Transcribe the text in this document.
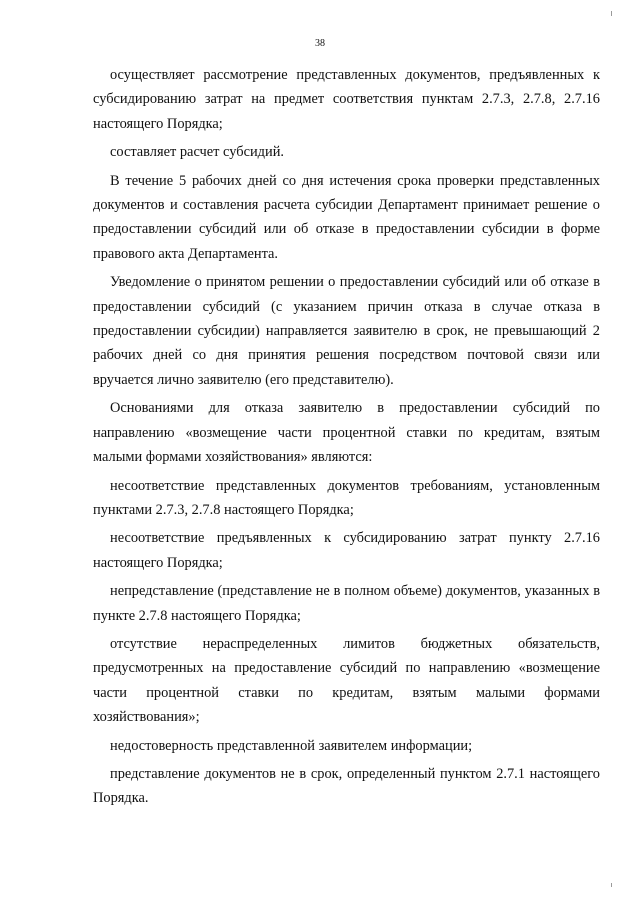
38

осуществляет рассмотрение представленных документов, предъявленных к субсидированию затрат на предмет соответствия пунктам 2.7.3, 2.7.8, 2.7.16 настоящего Порядка;

составляет расчет субсидий.

В течение 5 рабочих дней со дня истечения срока проверки представленных документов и составления расчета субсидии Департамент принимает решение о предоставлении субсидий или об отказе в предоставлении субсидии в форме правового акта Департамента.

Уведомление о принятом решении о предоставлении субсидий или об отказе в предоставлении субсидий (с указанием причин отказа в случае отказа в предоставлении субсидии) направляется заявителю в срок, не превышающий 2 рабочих дней со дня принятия решения посредством почтовой связи или вручается лично заявителю (его представителю).

Основаниями для отказа заявителю в предоставлении субсидий по направлению «возмещение части процентной ставки по кредитам, взятым малыми формами хозяйствования» являются:

несоответствие представленных документов требованиям, установленным пунктами 2.7.3, 2.7.8 настоящего Порядка;

несоответствие предъявленных к субсидированию затрат пункту 2.7.16 настоящего Порядка;

непредставление (представление не в полном объеме) документов, указанных в пункте 2.7.8 настоящего Порядка;

отсутствие нераспределенных лимитов бюджетных обязательств, предусмотренных на предоставление субсидий по направлению «возмещение части процентной ставки по кредитам, взятым малыми формами хозяйствования»;

недостоверность представленной заявителем информации;

представление документов не в срок, определенный пунктом 2.7.1 настоящего Порядка.
